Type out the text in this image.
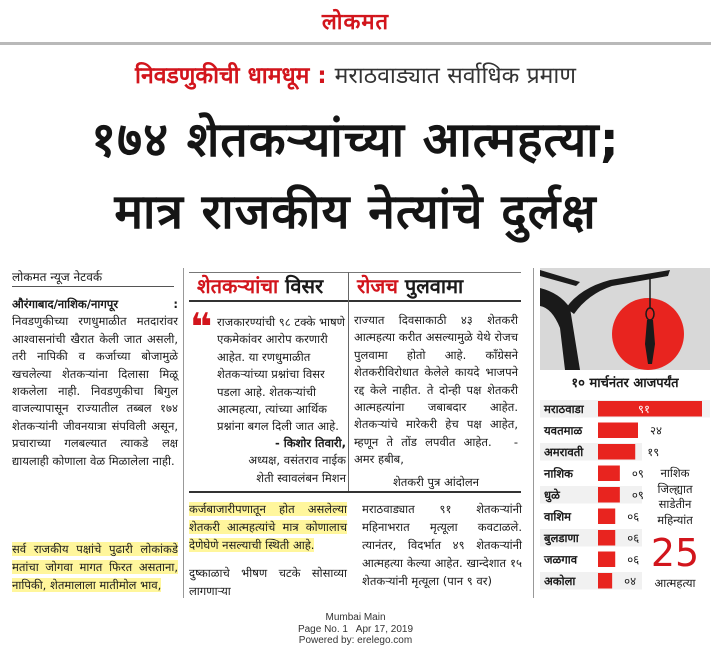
लोकमत
निवडणुकीची धामधूम : मराठवाड्यात सर्वाधिक प्रमाण
१७४ शेतकऱ्यांच्या आत्महत्या;
मात्र राजकीय नेत्यांचे दुर्लक्ष
लोकमत न्यूज नेटवर्क

औरंगाबाद/नाशिक/नागपूर : निवडणुकीच्या रणधुमाळीत मतदारांवर आश्वासनांची खैरात केली जात असली, तरी नापिकी व कर्जाच्या बोजामुळे खचलेल्या शेतकऱ्यांना दिलासा मिळू शकलेला नाही. निवडणुकीचा बिगुल वाजल्यापासून राज्यातील तब्बल १७४ शेतकऱ्यांनी जीवनयात्रा संपविली असून, प्रचाराच्या गलबल्यात त्याकडे लक्ष द्यायलाही कोणाला वेळ मिळालेला नाही.

सर्व राजकीय पक्षांचे पुढारी लोकांकडे मतांचा जोगवा मागत फिरत असताना, नापिकी, शेतमालाला मातीमोल भाव,
शेतकऱ्यांचा विसर	रोजच पुलवामा
❝ राजकारण्यांची ९८ टक्के भाषणे एकमेकांवर आरोप करणारी आहेत. या रणधुमाळीत शेतकऱ्यांच्या प्रश्नांचा विसर पडला आहे. शेतकऱ्यांची आत्महत्या, त्यांच्या आर्थिक प्रश्नांना बगल दिली जात आहे.
- किशोर तिवारी,
अध्यक्ष, वसंतराव नाईक
शेती स्वावलंबन मिशन
राज्यात दिवसाकाठी ४३ शेतकरी आत्महत्या करीत असल्यामुळे येथे रोजच पुलवामा होतो आहे. काँग्रेसने शेतकरीविरोधात केलेले कायदे भाजपने रद्द केले नाहीत. ते दोन्ही पक्ष शेतकरी आत्महत्यांना जबाबदार आहेत. शेतकऱ्यांचे मारेकरी हेच पक्ष आहेत, म्हणून ते तोंड लपवीत आहेत. - अमर हबीब,
शेतकरी पुत्र आंदोलन
कर्जबाजारीपणातून होत असलेल्या शेतकरी आत्महत्यांचे मात्र कोणालाच देणेघेणे नसल्याची स्थिती आहे.
दुष्काळाचे भीषण चटके सोसाव्या लागणाऱ्या
मराठवाड्यात ९१ शेतकऱ्यांनी महिनाभरात मृत्यूला कवटाळले. त्यानंतर, विदर्भात ४९ शेतकऱ्यांनी आत्महत्या केल्या आहेत. खान्देशात १५ शेतकऱ्यांनी मृत्यूला (पान ९ वर)
१० मार्चनंतर आजपर्यंत
मराठवाडा	९१
यवतमाळ	२४
अमरावती	१९
नाशिक	०९
धुळे	०९
वाशिम	०६
बुलडाणा	०६
जळगाव	०६
अकोला	०४
नाशिक जिल्ह्यात साडेतीन महिन्यांत
25
आत्महत्या
Mumbai Main
Page No. 1 Apr 17, 2019
Powered by: erelego.com
